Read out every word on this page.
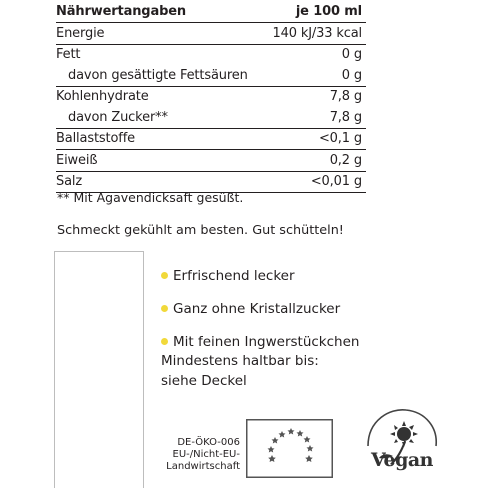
Nährwertangaben	je 100 ml
Energie	140 kJ/33 kcal
Fett	0 g
davon gesättigte Fettsäuren	0 g
Kohlenhydrate	7,8 g
davon Zucker**	7,8 g
Ballaststoffe	<0,1 g
Eiweiß	0,2 g
Salz	<0,01 g
** Mit Agavendicksaft gesüßt.
Schmeckt gekühlt am besten. Gut schütteln!
Erfrischend lecker
Ganz ohne Kristallzucker
Mit feinen Ingwerstückchen
Mindestens haltbar bis:
siehe Deckel
DE-ÖKO-006
EU-/Nicht-EU-
Landwirtschaft	Vegan
